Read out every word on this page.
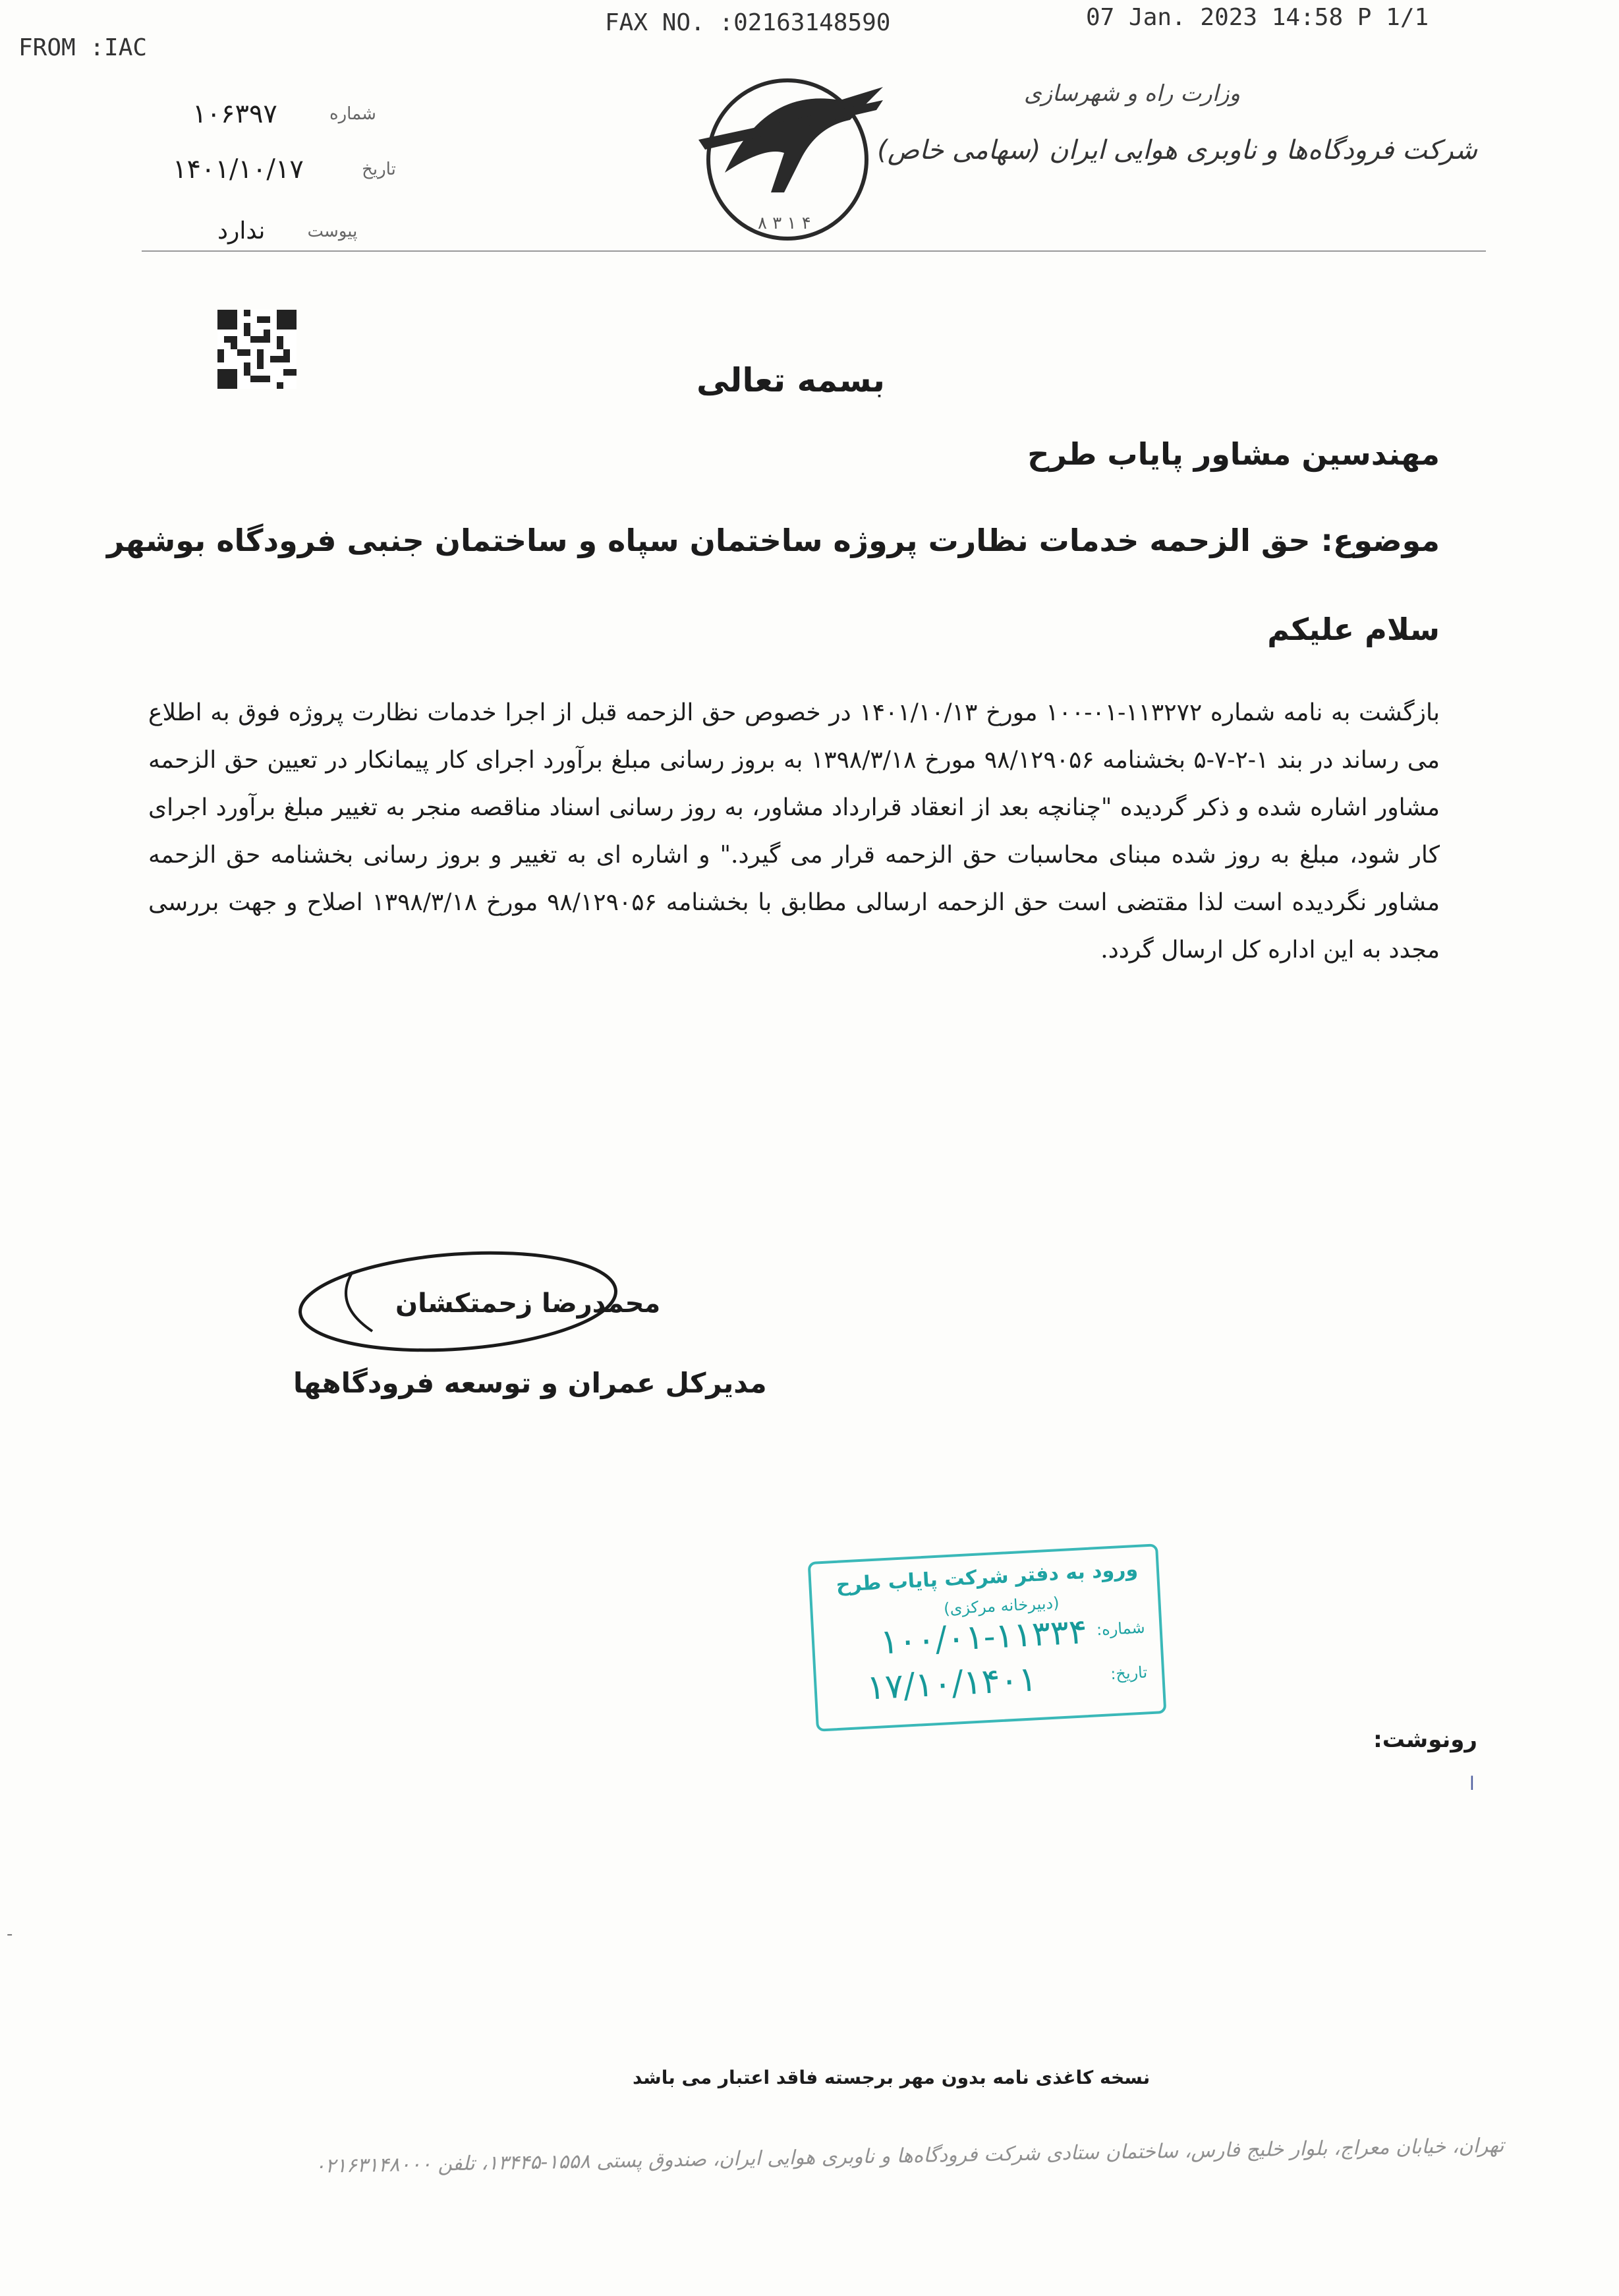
FROM :IAC
FAX NO. :02163148590	07 Jan. 2023 14:58 P 1/1
۱۰۶۳۹۷	شماره
۱۴۰۱/۱۰/۱۷	تاریخ
ندارد پیوست	١ ٣ ٨ ۴
وزارت راه و شهرسازی
شرکت فرودگاه‌ها و ناوبری هوایی ایران (سهامی خاص)
بسمه تعالی
مهندسین مشاور پایاب طرح
موضوع: حق الزحمه خدمات نظارت پروژه ساختمان سپاه و ساختمان جنبی فرودگاه بوشهر
سلام علیکم

بازگشت به نامه شماره ۱۱۳۲۷۲-۰۱-۱۰۰ مورخ ۱۴۰۱/۱۰/۱۳ در خصوص حق الزحمه قبل از اجرا خدمات نظارت پروژه فوق به اطلاع می رساند در بند ۱-۲-۷-۵ بخشنامه ۹۸/۱۲۹۰۵۶ مورخ ۱۳۹۸/۳/۱۸ به بروز رسانی مبلغ برآورد اجرای کار پیمانکار در تعیین حق الزحمه مشاور اشاره شده و ذکر گردیده "چنانچه بعد از انعقاد قرارداد مشاور، به روز رسانی اسناد مناقصه منجر به تغییر مبلغ برآورد اجرای کار شود، مبلغ به روز شده مبنای محاسبات حق الزحمه قرار می گیرد." و اشاره ای به تغییر و بروز رسانی بخشنامه حق الزحمه مشاور نگردیده است لذا مقتضی است حق الزحمه ارسالی مطابق با بخشنامه ۹۸/۱۲۹۰۵۶ مورخ ۱۳۹۸/۳/۱۸ اصلاح و جهت بررسی مجدد به این اداره کل ارسال گردد.

محمدرضا زحمتکشان
مدیرکل عمران و توسعه فرودگاهها
ورود به دفتر شرکت پایاب طرح
(دبیرخانه مرکزی)
شماره:
۱۰۰/۰۱-۱۱۳۳۴
تاریخ:
۱۷/۱۰/۱۴۰۱
رونوشت:
ا
-
نسخه کاغذی نامه بدون مهر برجسته فاقد اعتبار می باشد
تهران، خیابان معراج، بلوار خلیج فارس، ساختمان ستادی شرکت فرودگاه‌ها و ناوبری هوایی ایران، صندوق پستی ۱۵۵۸-۱۳۴۴۵، تلفن ۰۲۱۶۳۱۴۸۰۰۰
